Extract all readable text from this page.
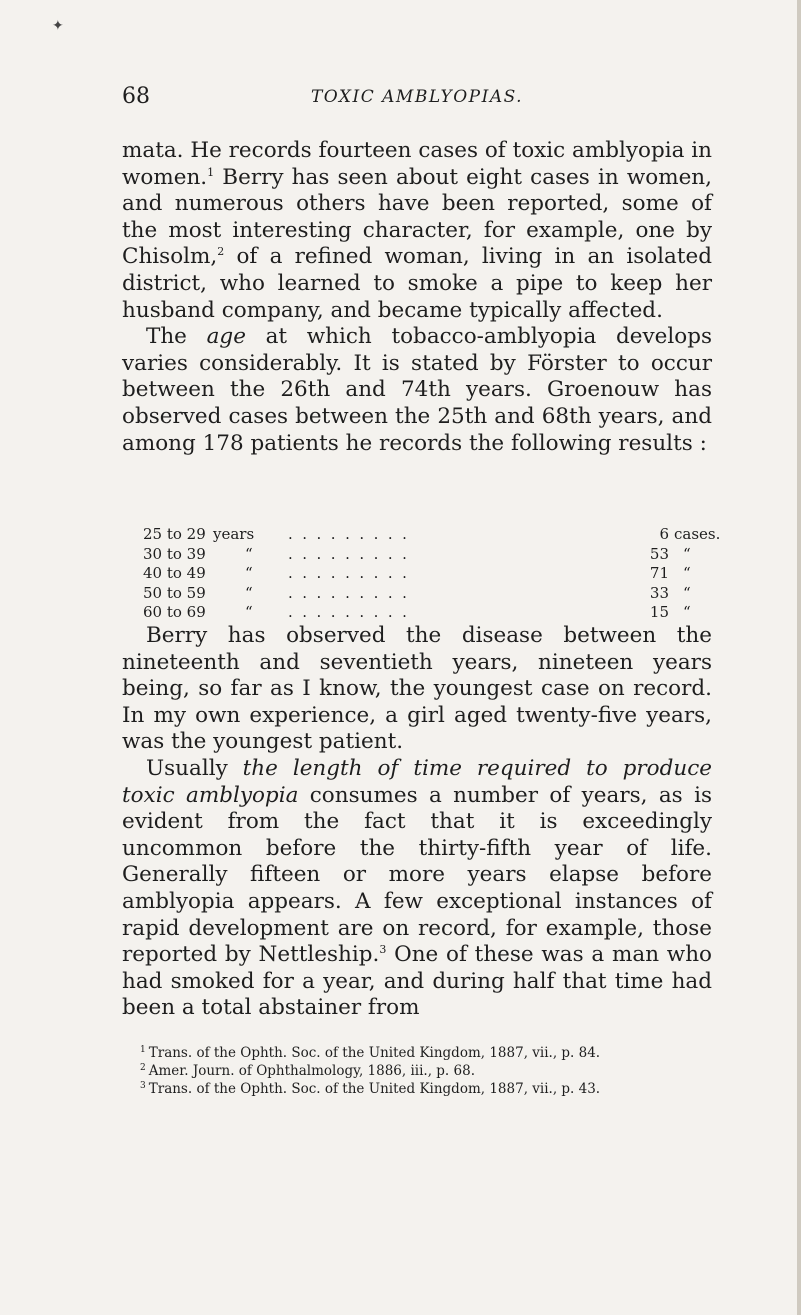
✦
68	TOXIC AMBLYOPIAS.

mata. He records fourteen cases of toxic amblyopia in women.$^1$ Berry has seen about eight cases in women, and numerous others have been reported, some of the most interesting character, for example, one by Chisolm,$^2$ of a refined woman, living in an isolated district, who learned to smoke a pipe to keep her husband company, and became typically affected.

The age at which tobacco-amblyopia develops varies considerably. It is stated by Förster to occur between the 26th and 74th years. Groenouw has observed cases between the 25th and 68th years, and among 178 patients he records the following results :

25 to 29 years .........	6 cases.
30 to 39	“ .........	53 “
40 to 49	“ .........	71 “
50 to 59	“ .........	33 “
60 to 69	“ .........	15 “

Berry has observed the disease between the nineteenth and seventieth years, nineteen years being, so far as I know, the youngest case on record. In my own experience, a girl aged twenty-five years, was the youngest patient.

Usually the length of time required to produce toxic amblyopia consumes a number of years, as is evident from the fact that it is exceedingly uncommon before the thirty-fifth year of life. Generally fifteen or more years elapse before amblyopia appears. A few exceptional instances of rapid development are on record, for example, those reported by Nettleship.$^3$ One of these was a man who had smoked for a year, and during half that time had been a total abstainer from

$^1$ Trans. of the Ophth. Soc. of the United Kingdom, 1887, vii., p. 84.
$^2$ Amer. Journ. of Ophthalmology, 1886, iii., p. 68.
$^3$ Trans. of the Ophth. Soc. of the United Kingdom, 1887, vii., p. 43.
